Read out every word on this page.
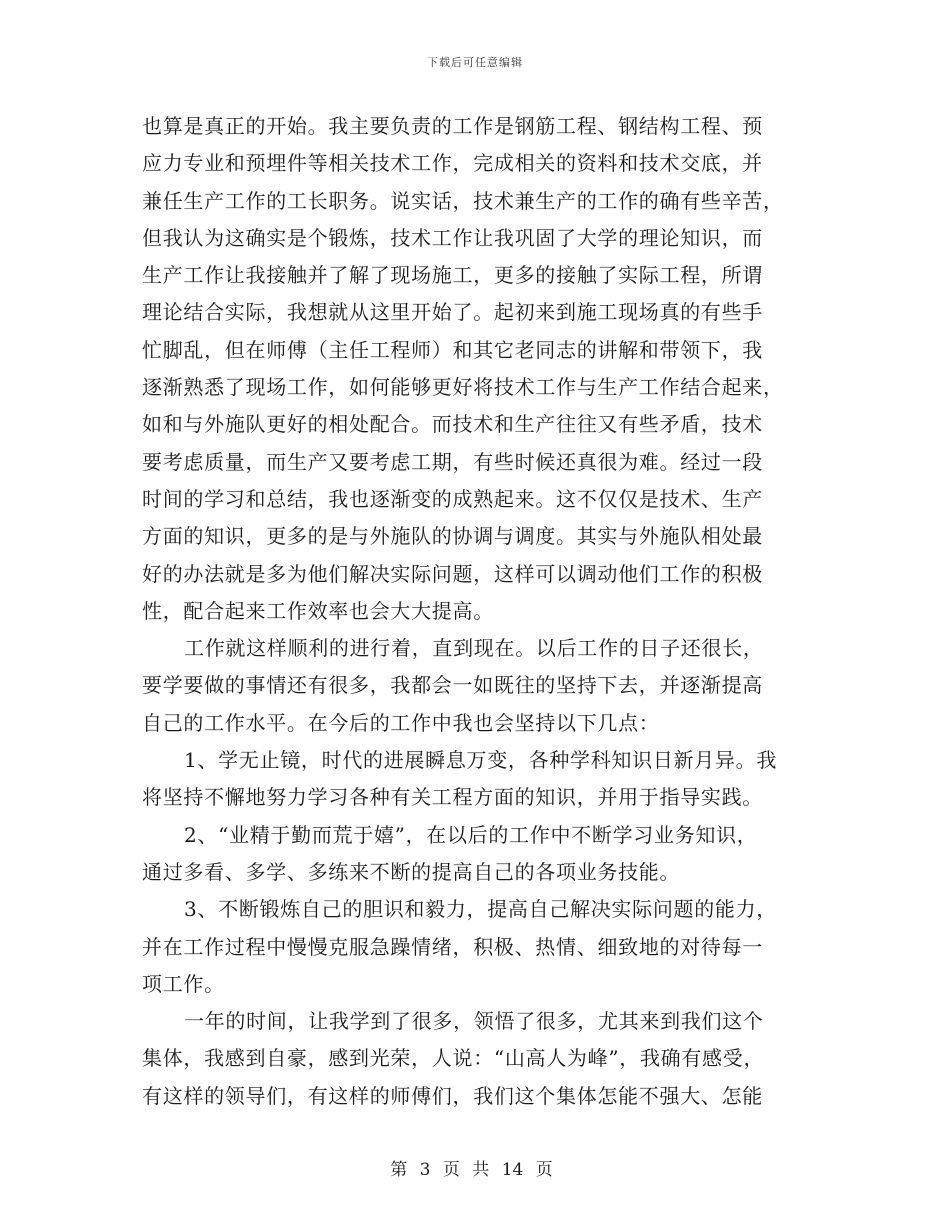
下载后可任意编辑
也算是真正的开始。我主要负责的工作是钢筋工程、钢结构工程、预
应力专业和预埋件等相关技术工作，完成相关的资料和技术交底，并
兼任生产工作的工长职务。说实话，技术兼生产的工作的确有些辛苦，
但我认为这确实是个锻炼，技术工作让我巩固了大学的理论知识，而
生产工作让我接触并了解了现场施工，更多的接触了实际工程，所谓
理论结合实际，我想就从这里开始了。起初来到施工现场真的有些手
忙脚乱，但在师傅（主任工程师）和其它老同志的讲解和带领下，我
逐渐熟悉了现场工作，如何能够更好将技术工作与生产工作结合起来，
如和与外施队更好的相处配合。而技术和生产往往又有些矛盾，技术
要考虑质量，而生产又要考虑工期，有些时候还真很为难。经过一段
时间的学习和总结，我也逐渐变的成熟起来。这不仅仅是技术、生产
方面的知识，更多的是与外施队的协调与调度。其实与外施队相处最
好的办法就是多为他们解决实际问题，这样可以调动他们工作的积极
性，配合起来工作效率也会大大提高。
工作就这样顺利的进行着，直到现在。以后工作的日子还很长，
要学要做的事情还有很多，我都会一如既往的坚持下去，并逐渐提高
自己的工作水平。在今后的工作中我也会坚持以下几点：
1、学无止镜，时代的进展瞬息万变，各种学科知识日新月异。我
将坚持不懈地努力学习各种有关工程方面的知识，并用于指导实践。
2、“业精于勤而荒于嬉”，在以后的工作中不断学习业务知识，
通过多看、多学、多练来不断的提高自己的各项业务技能。
3、不断锻炼自己的胆识和毅力，提高自己解决实际问题的能力，
并在工作过程中慢慢克服急躁情绪，积极、热情、细致地的对待每一
项工作。
一年的时间，让我学到了很多，领悟了很多，尤其来到我们这个
集体，我感到自豪，感到光荣，人说：“山高人为峰”，我确有感受，
有这样的领导们，有这样的师傅们，我们这个集体怎能不强大、怎能
第 3 页 共 14 页
